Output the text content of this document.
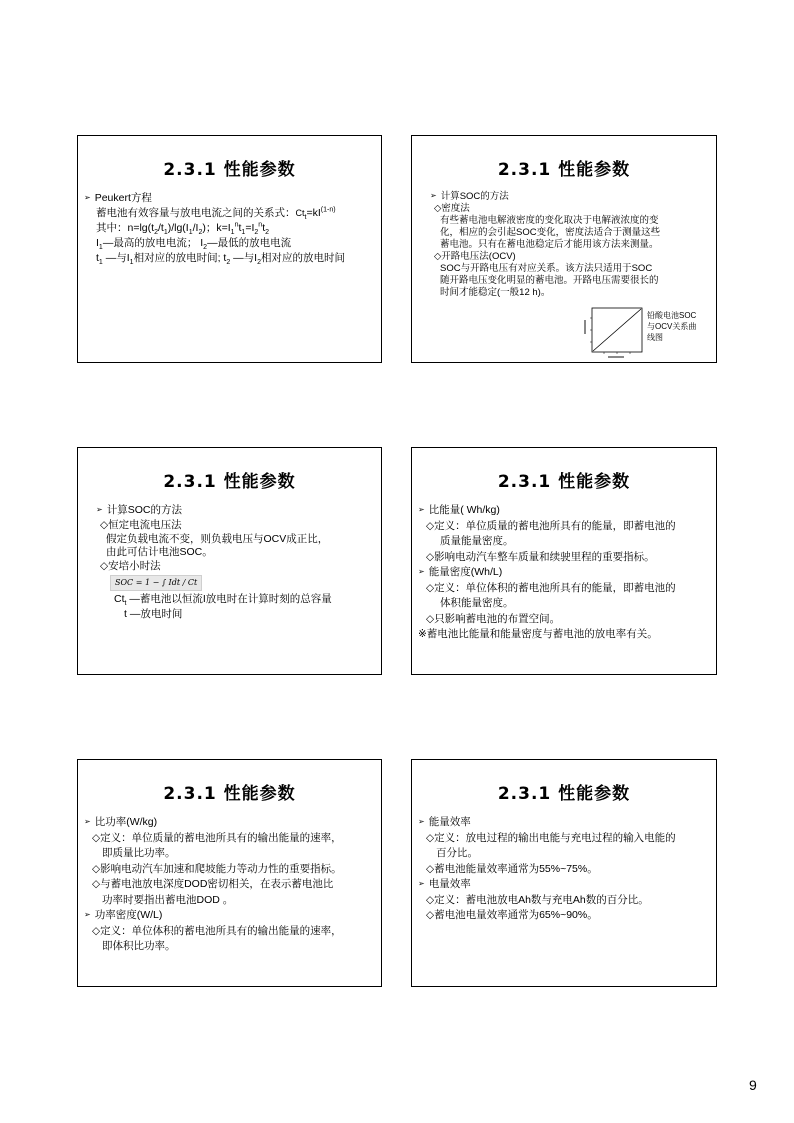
2.3.1 性能参数
➢ Peukert方程
蓄电池有效容量与放电电流之间的关系式：$Ct_t=kI^{(1-n)}$
其中：$n=\lg(t_2/t_1)/\lg(I_1/I_2)$；$k=I_1^nt_1=I_2^nt_2$
$I_1—$最高的放电电流； $I_2—$最低的放电电流
$t_1$ —与$I_1$相对应的放电时间; $t_2$ —与$I_2$相对应的放电时间
2.3.1 性能参数
➢ 计算SOC的方法
◇密度法
有些蓄电池电解液密度的变化取决于电解液浓度的变
化，相应的会引起SOC变化，密度法适合于测量这些
蓄电池。只有在蓄电池稳定后才能用该方法来测量。
◇开路电压法(OCV)
SOC与开路电压有对应关系。该方法只适用于SOC
随开路电压变化明显的蓄电池。开路电压需要很长的
时间才能稳定(一般12 h)。
铅酸电池SOC
与OCV关系曲
线图
2.3.1 性能参数
➢ 计算SOC的方法
◇恒定电流电压法
假定负载电流不变，则负载电压与OCV成正比，
由此可估计电池SOC。
◇安培小时法
SOC = 1 − ∫ Idt / Ct
$Ct_t$ —蓄电池以恒流I放电时在计算时刻的总容量
t —放电时间
2.3.1 性能参数
➢ 比能量( Wh/kg)
◇定义：单位质量的蓄电池所具有的能量，即蓄电池的
质量能量密度。
◇影响电动汽车整车质量和续驶里程的重要指标。
➢ 能量密度(Wh/L)
◇定义：单位体积的蓄电池所具有的能量，即蓄电池的
体积能量密度。
◇只影响蓄电池的布置空间。
※蓄电池比能量和能量密度与蓄电池的放电率有关。
2.3.1 性能参数
➢ 比功率(W/kg)
◇定义：单位质量的蓄电池所具有的输出能量的速率，
即质量比功率。
◇影响电动汽车加速和爬坡能力等动力性的重要指标。
◇与蓄电池放电深度DOD密切相关，在表示蓄电池比
功率时要指出蓄电池DOD 。
➢ 功率密度(W/L)
◇定义：单位体积的蓄电池所具有的输出能量的速率，
即体积比功率。
2.3.1 性能参数
➢ 能量效率
◇定义：放电过程的输出电能与充电过程的输入电能的
百分比。
◇蓄电池能量效率通常为55%~75%。
➢ 电量效率
◇定义：蓄电池放电Ah数与充电Ah数的百分比。
◇蓄电池电量效率通常为65%~90%。
9
